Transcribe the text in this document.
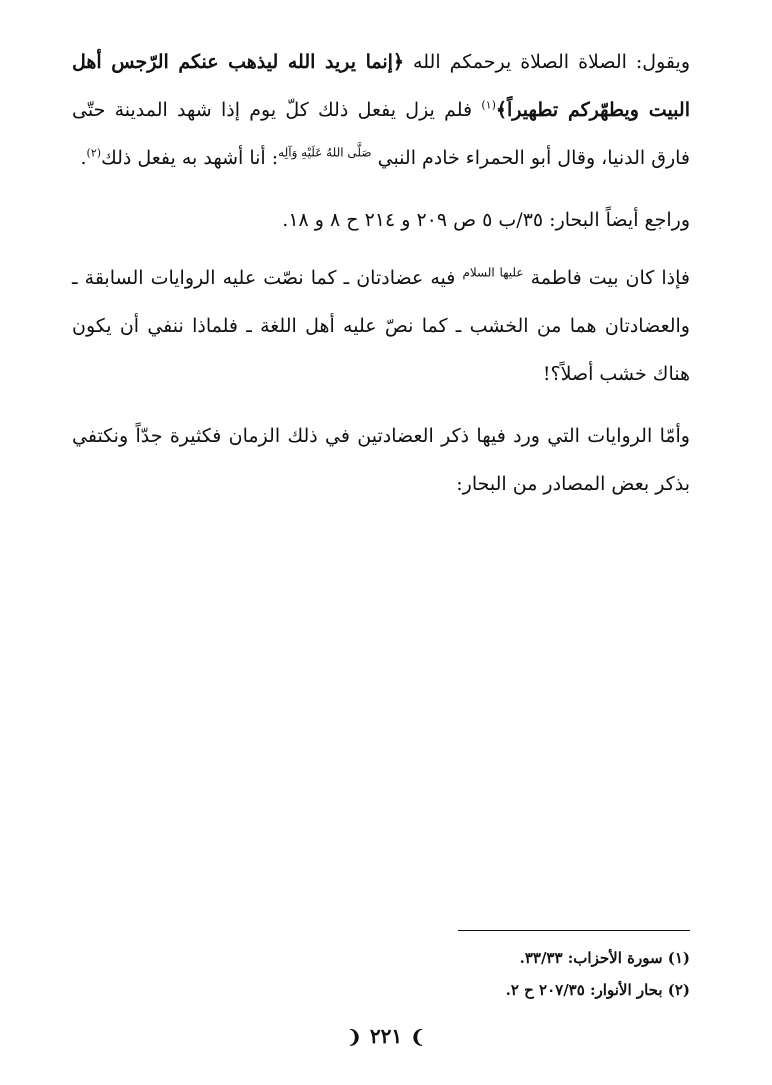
ويقول: الصلاة الصلاة يرحمكم الله ﴿إنما يريد الله ليذهب عنكم الرّجس أهل البيت ويطهّركم تطهيراً﴾$^{(١)}$ فلم يزل يفعل ذلك كلّ يوم إذا شهد المدينة حتّى فارق الدنيا، وقال أبو الحمراء خادم النبي $^{صَلَّى اللهُ عَلَيْهِ وَآلِه}$: أنا أشهد به يفعل ذلك$^{(٢)}$.

وراجع أيضاً البحار: ٣٥/ب ٥ ص ٢٠٩ و ٢١٤ ح ٨ و ١٨.

فإذا كان بيت فاطمة $^{عليها السلام}$ فيه عضادتان ـ كما نصّت عليه الروايات السابقة ـ والعضادتان هما من الخشب ـ كما نصّ عليه أهل اللغة ـ فلماذا ننفي أن يكون هناك خشب أصلاً؟!

وأمّا الروايات التي ورد فيها ذكر العضادتين في ذلك الزمان فكثيرة جدّاً ونكتفي بذكر بعض المصادر من البحار:

(١) سورة الأحزاب: ٣٣/٣٣.
(٢) بحار الأنوار: ٢٠٧/٣٥ ح ٢.
❩٢٢١❨
